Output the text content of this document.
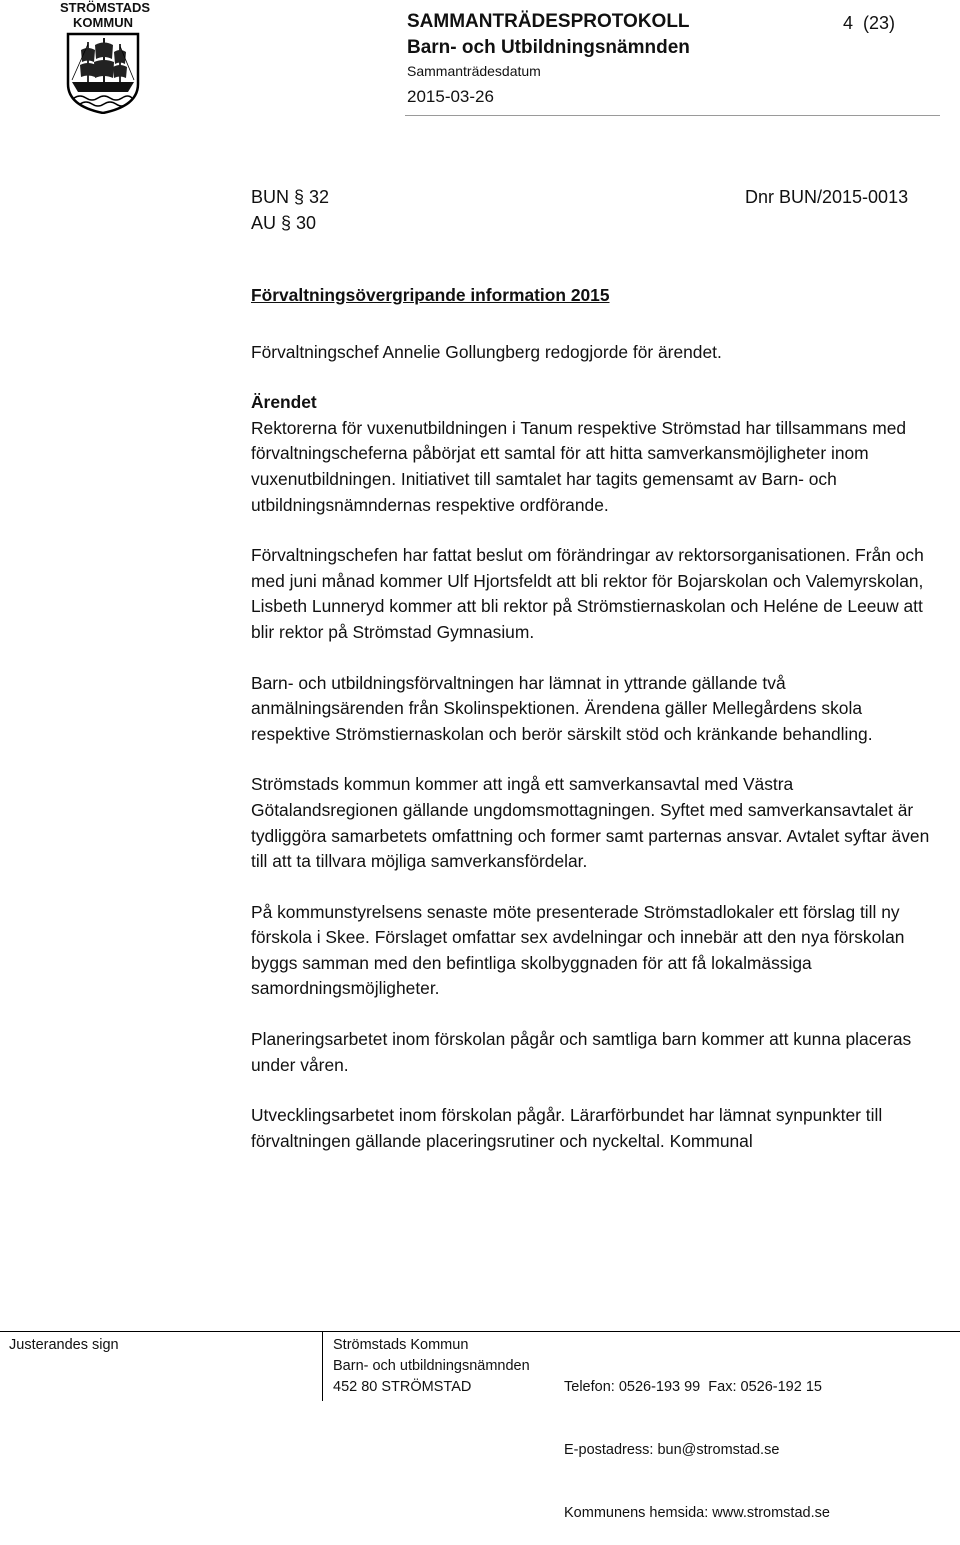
STRÖMSTADS
KOMMUN	SAMMANTRÄDESPROTOKOLL
Barn- och Utbildningsnämnden
Sammanträdesdatum
2015-03-26
4  (23)
BUN § 32
AU § 30
Dnr BUN/2015-0013

Förvaltningsövergripande information 2015

Förvaltningschef Annelie Gollungberg redogjorde för ärendet.

Ärendet

Rektorerna för vuxenutbildningen i Tanum respektive Strömstad har tillsammans med förvaltningscheferna påbörjat ett samtal för att hitta samverkansmöjligheter inom vuxenutbildningen. Initiativet till samtalet har tagits gemensamt av Barn- och utbildningsnämndernas respektive ordförande.

Förvaltningschefen har fattat beslut om förändringar av rektorsorganisationen. Från och med juni månad kommer Ulf Hjortsfeldt att bli rektor för Bojarskolan och Valemyrskolan, Lisbeth Lunneryd kommer att bli rektor på Strömstiernaskolan och Heléne de Leeuw att blir rektor på Strömstad Gymnasium.

Barn- och utbildningsförvaltningen har lämnat in yttrande gällande två anmälningsärenden från Skolinspektionen. Ärendena gäller Mellegårdens skola respektive Strömstiernaskolan och berör särskilt stöd och kränkande behandling.

Strömstads kommun kommer att ingå ett samverkansavtal med Västra Götalandsregionen gällande ungdomsmottagningen. Syftet med samverkansavtalet är tydliggöra samarbetets omfattning och former samt parternas ansvar. Avtalet syftar även till att ta tillvara möjliga samverkansfördelar.

På kommunstyrelsens senaste möte presenterade Strömstadlokaler ett förslag till ny förskola i Skee. Förslaget omfattar sex avdelningar och innebär att den nya förskolan byggs samman med den befintliga skolbyggnaden för att få lokalmässiga samordningsmöjligheter.

Planeringsarbetet inom förskolan pågår och samtliga barn kommer att kunna placeras under våren.

Utvecklingsarbetet inom förskolan pågår. Lärarförbundet har lämnat synpunkter till förvaltningen gällande placeringsrutiner och nyckeltal. Kommunal

Justerandes sign	Strömstads Kommun
Barn- och utbildningsnämnden
452 80 STRÖMSTAD

	Telefon: 0526-193 99  Fax: 0526-192 15

E-postadress: bun@stromstad.se

Kommunens hemsida: www.stromstad.se
